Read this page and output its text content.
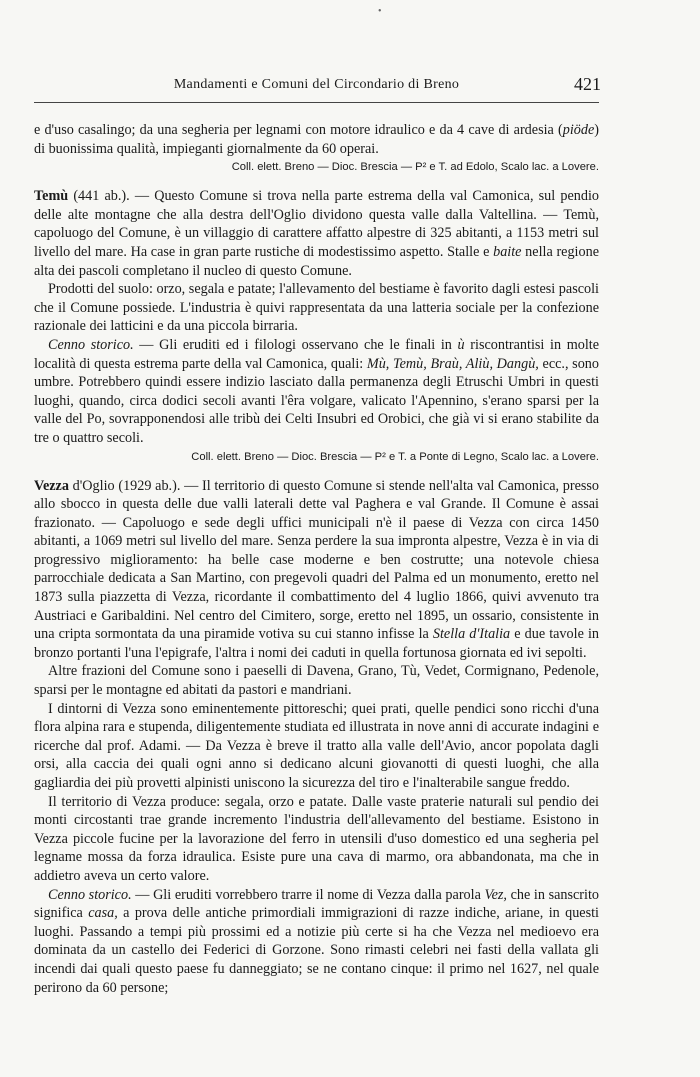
•
Mandamenti e Comuni del Circondario di Breno	421

e d'uso casalingo; da una segheria per legnami con motore idraulico e da 4 cave di ardesia (piöde) di buonissima qualità, impieganti giornalmente da 60 operai.

Coll. elett. Breno — Dioc. Brescia — P² e T. ad Edolo, Scalo lac. a Lovere.

Temù (441 ab.). — Questo Comune si trova nella parte estrema della val Camonica, sul pendio delle alte montagne che alla destra dell'Oglio dividono questa valle dalla Valtellina. — Temù, capoluogo del Comune, è un villaggio di carattere affatto alpestre di 325 abitanti, a 1153 metri sul livello del mare. Ha case in gran parte rustiche di modestissimo aspetto. Stalle e baite nella regione alta dei pascoli completano il nucleo di questo Comune.

Prodotti del suolo: orzo, segala e patate; l'allevamento del bestiame è favorito dagli estesi pascoli che il Comune possiede. L'industria è quivi rappresentata da una latteria sociale per la confezione razionale dei latticini e da una piccola birraria.

Cenno storico. — Gli eruditi ed i filologi osservano che le finali in ù riscontrantisi in molte località di questa estrema parte della val Camonica, quali: Mù, Temù, Braù, Aliù, Dangù, ecc., sono umbre. Potrebbero quindi essere indizio lasciato dalla permanenza degli Etruschi Umbri in questi luoghi, quando, circa dodici secoli avanti l'êra volgare, valicato l'Apennino, s'erano sparsi per la valle del Po, sovrapponendosi alle tribù dei Celti Insubri ed Orobici, che già vi si erano stabilite da tre o quattro secoli.

Coll. elett. Breno — Dioc. Brescia — P² e T. a Ponte di Legno, Scalo lac. a Lovere.

Vezza d'Oglio (1929 ab.). — Il territorio di questo Comune si stende nell'alta val Camonica, presso allo sbocco in questa delle due valli laterali dette val Paghera e val Grande. Il Comune è assai frazionato. — Capoluogo e sede degli uffici municipali n'è il paese di Vezza con circa 1450 abitanti, a 1069 metri sul livello del mare. Senza perdere la sua impronta alpestre, Vezza è in via di progressivo miglioramento: ha belle case moderne e ben costrutte; una notevole chiesa parrocchiale dedicata a San Martino, con pregevoli quadri del Palma ed un monumento, eretto nel 1873 sulla piazzetta di Vezza, ricordante il combattimento del 4 luglio 1866, quivi avvenuto tra Austriaci e Garibaldini. Nel centro del Cimitero, sorge, eretto nel 1895, un ossario, consistente in una cripta sormontata da una piramide votiva su cui stanno infisse la Stella d'Italia e due tavole in bronzo portanti l'una l'epigrafe, l'altra i nomi dei caduti in quella fortunosa giornata ed ivi sepolti.

Altre frazioni del Comune sono i paeselli di Davena, Grano, Tù, Vedet, Cormignano, Pedenole, sparsi per le montagne ed abitati da pastori e mandriani.

I dintorni di Vezza sono eminentemente pittoreschi; quei prati, quelle pendici sono ricchi d'una flora alpina rara e stupenda, diligentemente studiata ed illustrata in nove anni di accurate indagini e ricerche dal prof. Adami. — Da Vezza è breve il tratto alla valle dell'Avio, ancor popolata dagli orsi, alla caccia dei quali ogni anno si dedicano alcuni giovanotti di questi luoghi, che alla gagliardia dei più provetti alpinisti uniscono la sicurezza del tiro e l'inalterabile sangue freddo.

Il territorio di Vezza produce: segala, orzo e patate. Dalle vaste praterie naturali sul pendio dei monti circostanti trae grande incremento l'industria dell'allevamento del bestiame. Esistono in Vezza piccole fucine per la lavorazione del ferro in utensili d'uso domestico ed una segheria pel legname mossa da forza idraulica. Esiste pure una cava di marmo, ora abbandonata, ma che in addietro aveva un certo valore.

Cenno storico. — Gli eruditi vorrebbero trarre il nome di Vezza dalla parola Vez, che in sanscrito significa casa, a prova delle antiche primordiali immigrazioni di razze indiche, ariane, in questi luoghi. Passando a tempi più prossimi ed a notizie più certe si ha che Vezza nel medioevo era dominata da un castello dei Federici di Gorzone. Sono rimasti celebri nei fasti della vallata gli incendi dai quali questo paese fu danneggiato; se ne contano cinque: il primo nel 1627, nel quale perirono da 60 persone;
